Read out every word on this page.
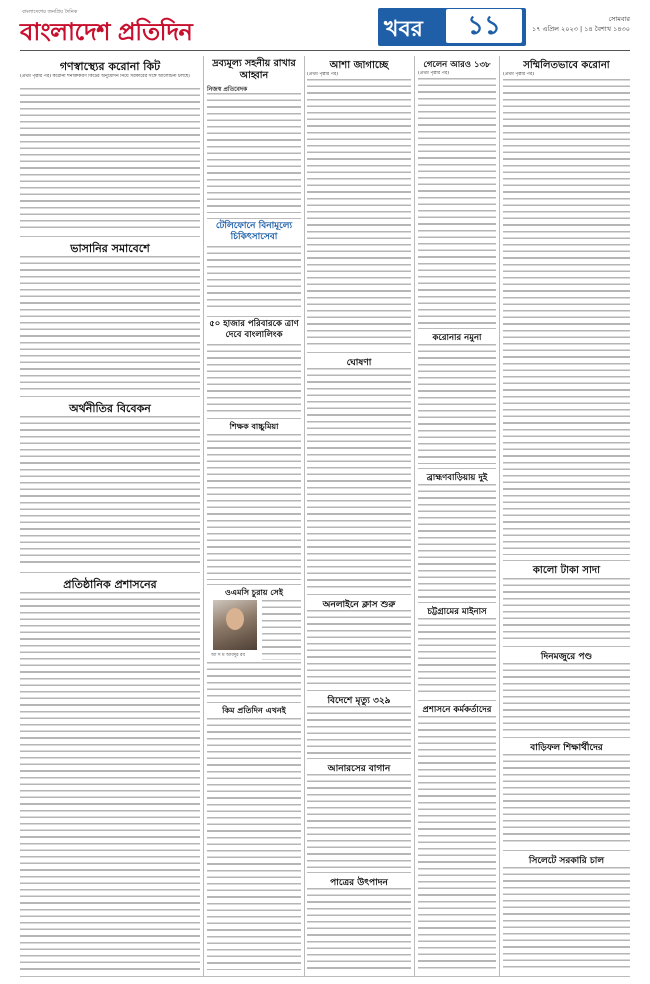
বাংলাদেশের জনপ্রিয় দৈনিক
বাংলাদেশ প্রতিদিন	খবর	১১	সোমবার
১৭ এপ্রিল ২০২৩ | ১৪ বৈশাখ ১৪৩০
গণস্বাস্থ্যের করোনা কিট
(প্রথম পৃষ্ঠার পর) করোনা শনাক্তকরণ কিটের অনুমোদন নিয়ে সরকারের সঙ্গে আলোচনা চলছে।
ভাসানির সমাবেশে
অর্থনীতির বিবেকন
প্রতিষ্ঠানিক প্রশাসনের
দ্রব্যমূল্য সহনীয় রাখার আহ্বান
নিজস্ব প্রতিবেদক
টেলিফোনে বিনামূল্যে চিকিৎসাসেবা
৫০ হাজার পরিবারকে ত্রাণ দেবে বাংলালিংক
শিক্ষক বাচ্চুমিয়া
ওএমসি চুরায় সেই
আ স ম আবদুর রব
কিম প্রতিদিন এখনই
আশা জাগাচ্ছে
(প্রথম পৃষ্ঠার পর)
ঘোষণা
অনলাইনে ক্লাস শুরু
বিদেশে মৃত্যু ৩২৯
আনারসের বাগান
পাত্রের উৎপাদন
গেলেন আরও ১৩৮
(প্রথম পৃষ্ঠার পর)
করোনার নমুনা
ব্রাহ্মণবাড়িয়ায় দুই
চট্টগ্রামের মাইনাস
প্রশাসনে কর্মকর্তাদের
সম্মিলিতভাবে করোনা
(প্রথম পৃষ্ঠার পর)
কালো টাকা সাদা
দিনমজুরে পণ্ড
বাড়িফল শিক্ষার্থীদের
সিলেটে সরকারি চাল
